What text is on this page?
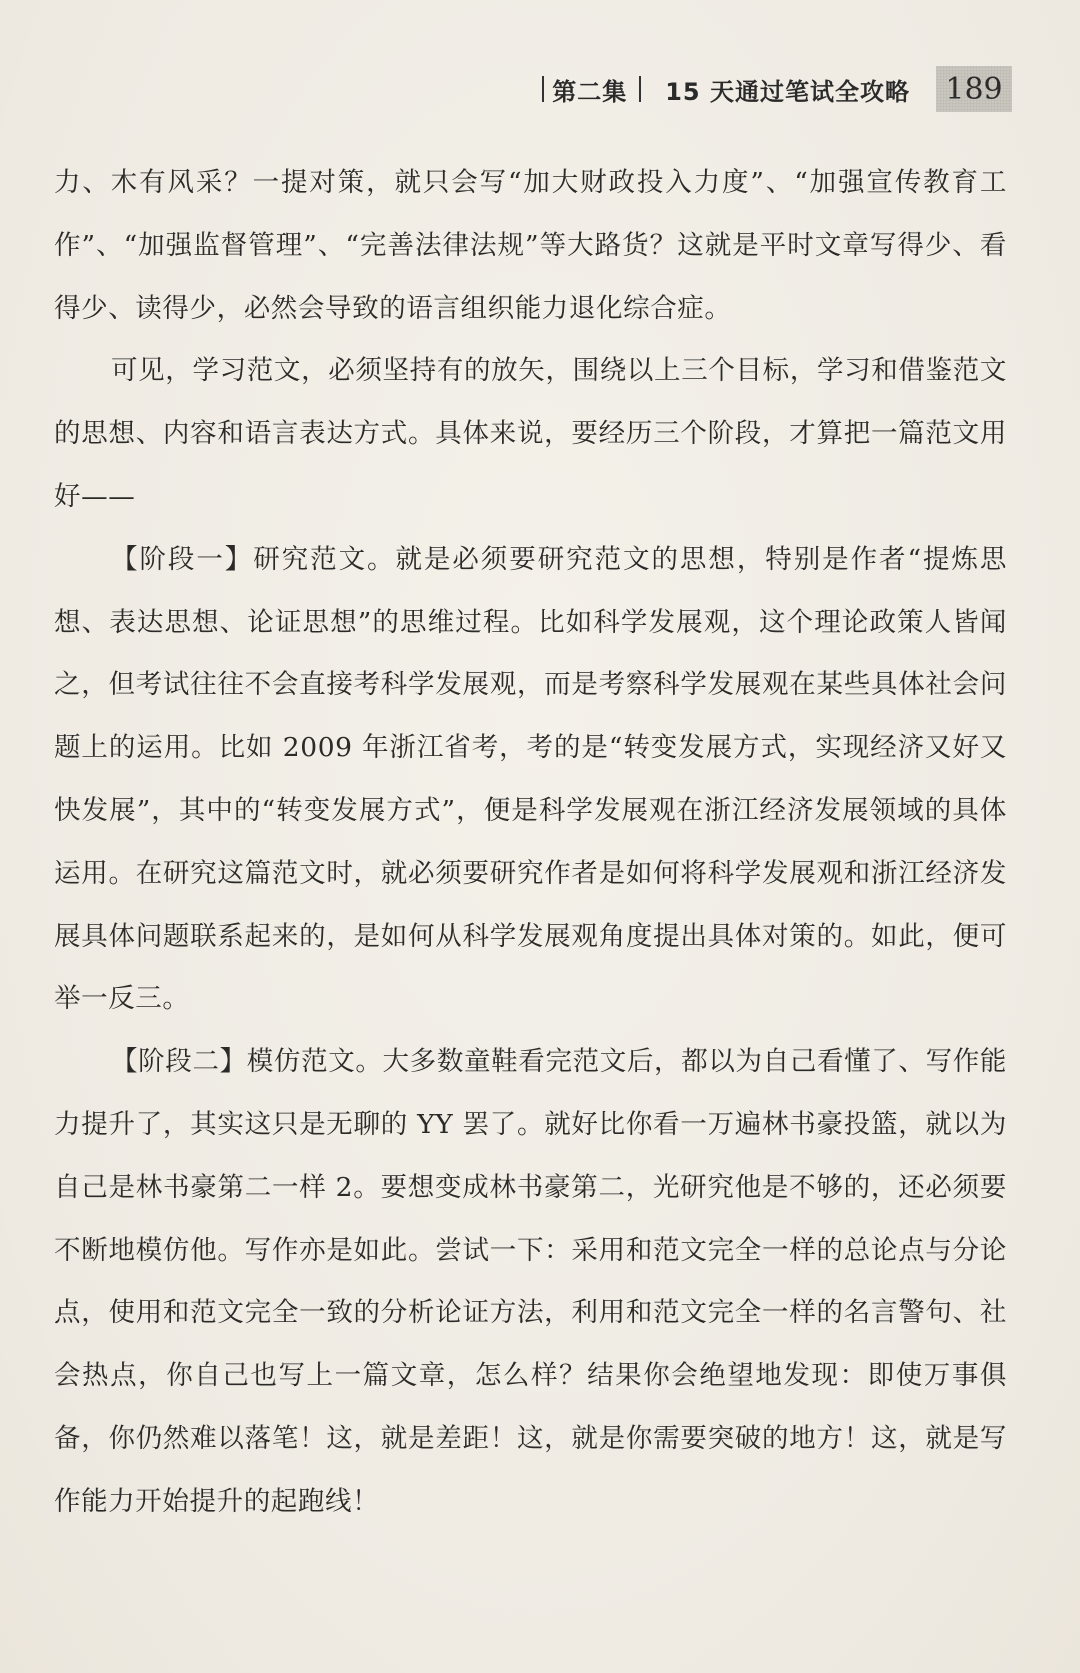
第二集 15 天通过笔试全攻略	189

力、木有风采？一提对策，就只会写“加大财政投入力度”、“加强宣传教育工作”、“加强监督管理”、“完善法律法规”等大路货？这就是平时文章写得少、看得少、读得少，必然会导致的语言组织能力退化综合症。

可见，学习范文，必须坚持有的放矢，围绕以上三个目标，学习和借鉴范文的思想、内容和语言表达方式。具体来说，要经历三个阶段，才算把一篇范文用好——

【阶段一】研究范文。就是必须要研究范文的思想，特别是作者“提炼思想、表达思想、论证思想”的思维过程。比如科学发展观，这个理论政策人皆闻之，但考试往往不会直接考科学发展观，而是考察科学发展观在某些具体社会问题上的运用。比如 2009 年浙江省考，考的是“转变发展方式，实现经济又好又快发展”，其中的“转变发展方式”，便是科学发展观在浙江经济发展领域的具体运用。在研究这篇范文时，就必须要研究作者是如何将科学发展观和浙江经济发展具体问题联系起来的，是如何从科学发展观角度提出具体对策的。如此，便可举一反三。

【阶段二】模仿范文。大多数童鞋看完范文后，都以为自己看懂了、写作能力提升了，其实这只是无聊的 YY 罢了。就好比你看一万遍林书豪投篮，就以为自己是林书豪第二一样 2。要想变成林书豪第二，光研究他是不够的，还必须要不断地模仿他。写作亦是如此。尝试一下：采用和范文完全一样的总论点与分论点，使用和范文完全一致的分析论证方法，利用和范文完全一样的名言警句、社会热点，你自己也写上一篇文章，怎么样？结果你会绝望地发现：即使万事俱备，你仍然难以落笔！这，就是差距！这，就是你需要突破的地方！这，就是写作能力开始提升的起跑线！
